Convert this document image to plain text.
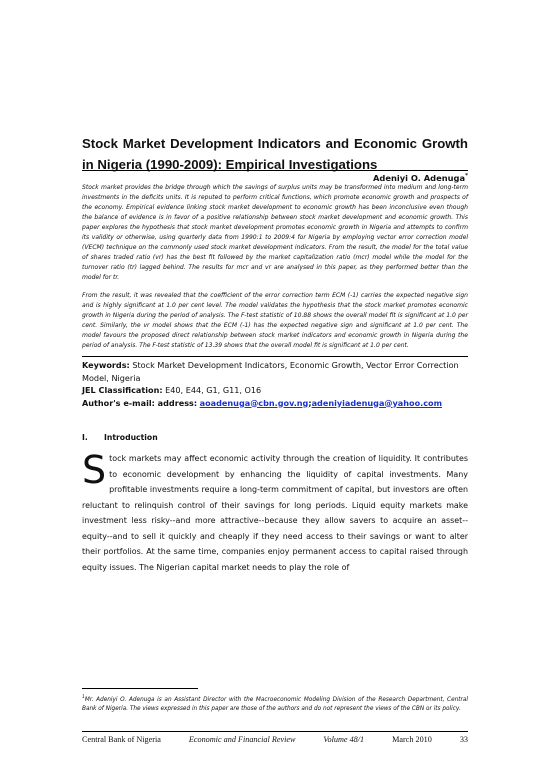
Stock Market Development Indicators and Economic Growth in Nigeria (1990-2009): Empirical Investigations
Adeniyi O. Adenuga*

Stock market provides the bridge through which the savings of surplus units may be transformed into medium and long-term investments in the deficits units. It is reputed to perform critical functions, which promote economic growth and prospects of the economy. Empirical evidence linking stock market development to economic growth has been inconclusive even though the balance of evidence is in favor of a positive relationship between stock market development and economic growth. This paper explores the hypothesis that stock market development promotes economic growth in Nigeria and attempts to confirm its validity or otherwise, using quarterly data from 1990:1 to 2009:4 for Nigeria by employing vector error correction model (VECM) technique on the commonly used stock market development indicators. From the result, the model for the total value of shares traded ratio (vr) has the best fit followed by the market capitalization ratio (mcr) model while the model for the turnover ratio (tr) lagged behind. The results for mcr and vr are analysed in this paper, as they performed better than the model for tr.

From the result, it was revealed that the coefficient of the error correction term ECM (-1) carries the expected negative sign and is highly significant at 1.0 per cent level. The model validates the hypothesis that the stock market promotes economic growth in Nigeria during the period of analysis. The F-test statistic of 10.88 shows the overall model fit is significant at 1.0 per cent. Similarly, the vr model shows that the ECM (-1) has the expected negative sign and significant at 1.0 per cent. The model favours the proposed direct relationship between stock market indicators and economic growth in Nigeria during the period of analysis. The F-test statistic of 13.39 shows that the overall model fit is significant at 1.0 per cent.

Keywords: Stock Market Development Indicators, Economic Growth, Vector Error Correction Model, Nigeria
JEL Classification: E40, E44, G1, G11, O16
Author's e-mail: address: aoadenuga@cbn.gov.ng;adeniyiadenuga@yahoo.com
I. Introduction

Stock markets may affect economic activity through the creation of liquidity. It contributes to economic development by enhancing the liquidity of capital investments. Many profitable investments require a long-term commitment of capital, but investors are often reluctant to relinquish control of their savings for long periods. Liquid equity markets make investment less risky--and more attractive--because they allow savers to acquire an asset--equity--and to sell it quickly and cheaply if they need access to their savings or want to alter their portfolios. At the same time, companies enjoy permanent access to capital raised through equity issues. The Nigerian capital market needs to play the role of

$^1$Mr. Adeniyi O. Adenuga is an Assistant Director with the Macroeconomic Modeling Division of the Research Department, Central Bank of Nigeria. The views expressed in this paper are those of the authors and do not represent the views of the CBN or its policy.

Central Bank of Nigeria	Economic and Financial Review	Volume 48/1	March 2010	33
